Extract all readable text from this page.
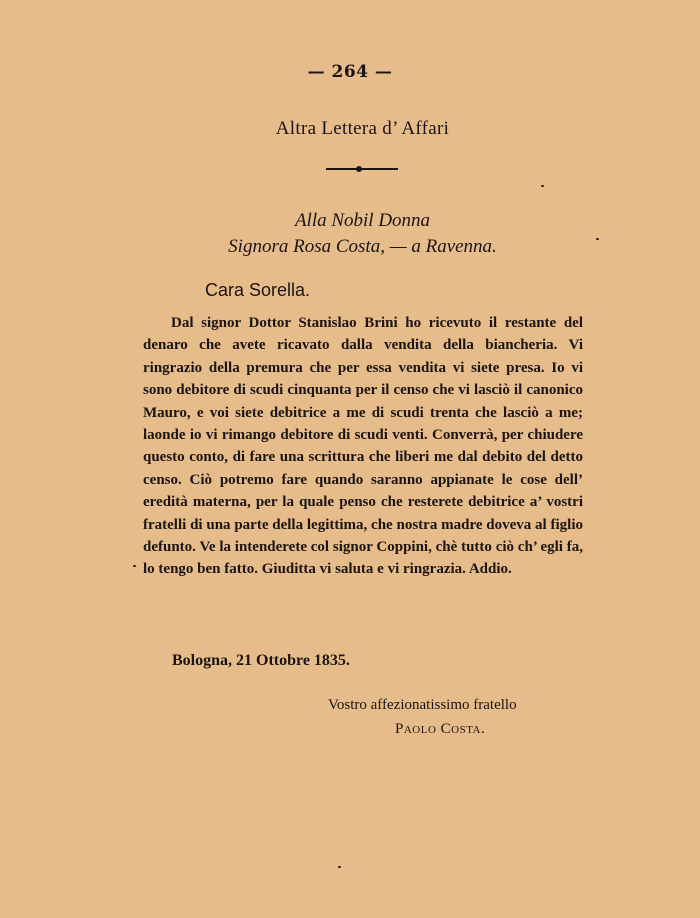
— 264 —
Altra Lettera d’ Affari
Alla Nobil Donna
Signora Rosa Costa, — a Ravenna.
Cara Sorella.
Dal signor Dottor Stanislao Brini ho ricevuto il restante del denaro che avete ricavato dalla vendita della biancheria. Vi ringrazio della premura che per essa vendita vi siete presa. Io vi sono debitore di scudi cinquanta per il censo che vi lasciò il canonico Mauro, e voi siete debitrice a me di scudi trenta che lasciò a me; laonde io vi rimango debitore di scudi venti. Converrà, per chiudere questo conto, di fare una scrittura che liberi me dal debito del detto censo. Ciò potremo fare quando saranno appianate le cose dell’ eredità materna, per la quale penso che resterete debitrice a’ vostri fratelli di una parte della legittima, che nostra madre doveva al figlio defunto. Ve la intenderete col signor Coppini, chè tutto ciò ch’ egli fa, lo tengo ben fatto. Giuditta vi saluta e vi ringrazia. Addio.
Bologna, 21 Ottobre 1835.
Vostro affezionatissimo fratello
Paolo Costa.
